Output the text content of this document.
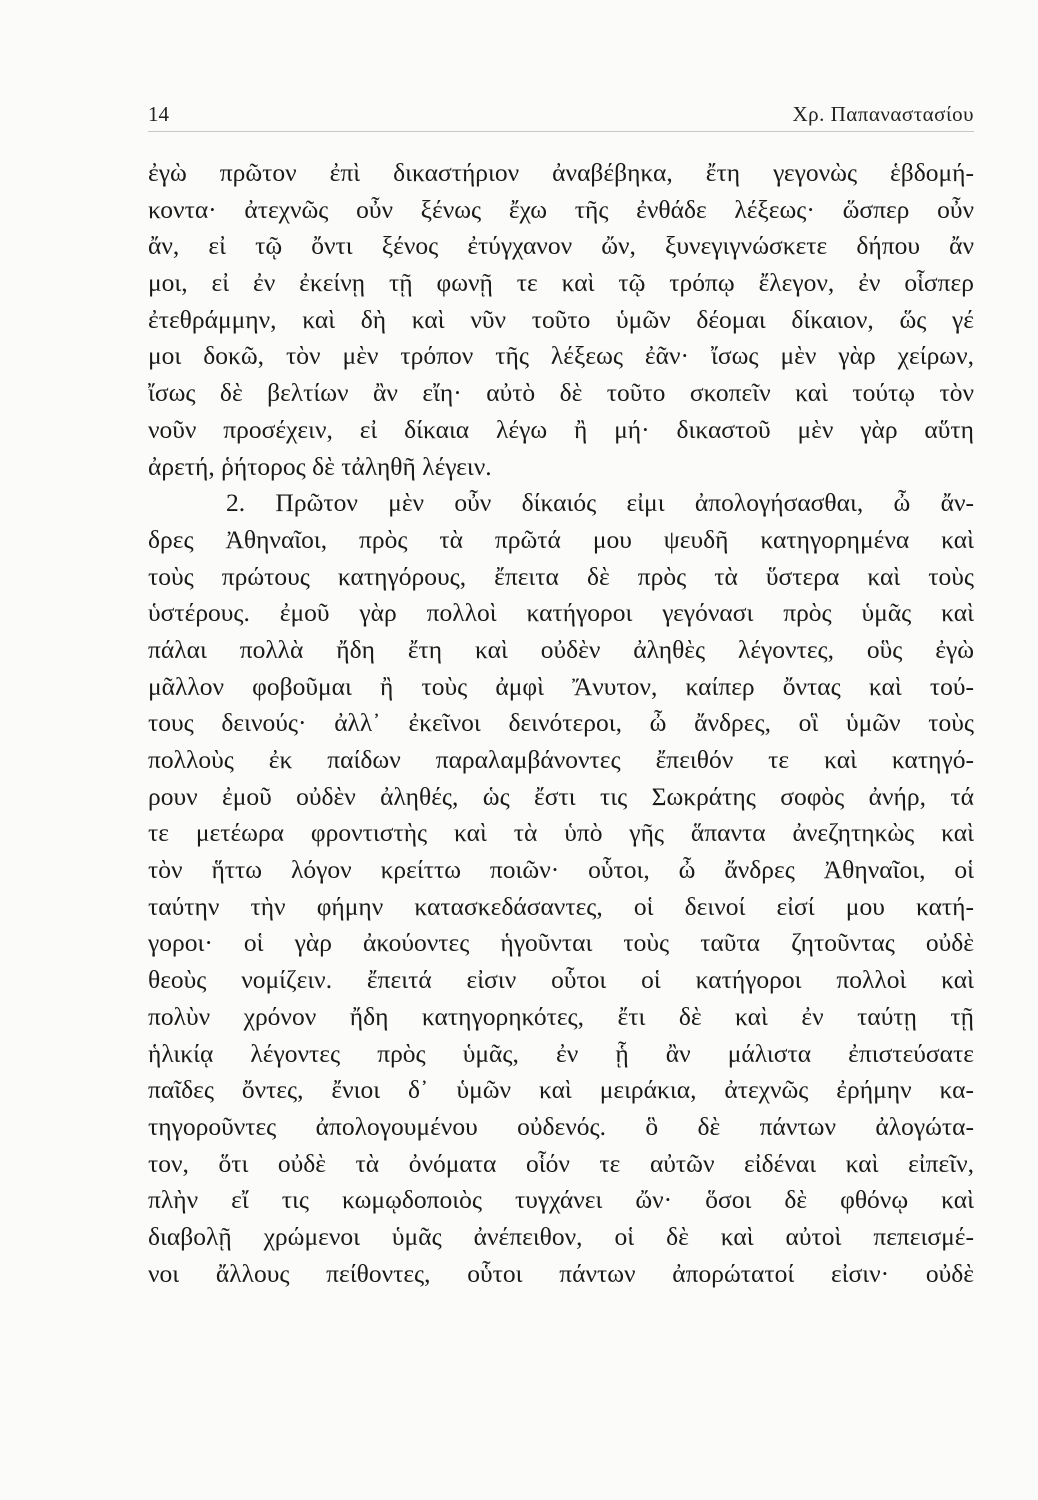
14	Χρ. Παπαναστασίου
ἐγὼ πρῶτον ἐπὶ δικαστήριον ἀναβέβηκα, ἔτη γεγονὼς ἑβδομή-
κοντα· ἀτεχνῶς οὖν ξένως ἔχω τῆς ἐνθάδε λέξεως· ὥσπερ οὖν
ἄν, εἰ τῷ ὄντι ξένος ἐτύγχανον ὤν, ξυνεγιγνώσκετε δήπου ἄν
μοι, εἰ ἐν ἐκείνῃ τῇ φωνῇ τε καὶ τῷ τρόπῳ ἔλεγον, ἐν οἷσπερ
ἐτεθράμμην, καὶ δὴ καὶ νῦν τοῦτο ὑμῶν δέομαι δίκαιον, ὥς γέ
μοι δοκῶ, τὸν μὲν τρόπον τῆς λέξεως ἐᾶν· ἴσως μὲν γὰρ χείρων,
ἴσως δὲ βελτίων ἂν εἴη· αὐτὸ δὲ τοῦτο σκοπεῖν καὶ τούτῳ τὸν
νοῦν προσέχειν, εἰ δίκαια λέγω ἢ μή· δικαστοῦ μὲν γὰρ αὕτη
ἀρετή, ῥήτορος δὲ τἀληθῆ λέγειν.
2. Πρῶτον μὲν οὖν δίκαιός εἰμι ἀπολογήσασθαι, ὦ ἄν-
δρες Ἀθηναῖοι, πρὸς τὰ πρῶτά μου ψευδῆ κατηγορημένα καὶ
τοὺς πρώτους κατηγόρους, ἔπειτα δὲ πρὸς τὰ ὕστερα καὶ τοὺς
ὑστέρους. ἐμοῦ γὰρ πολλοὶ κατήγοροι γεγόνασι πρὸς ὑμᾶς καὶ
πάλαι πολλὰ ἤδη ἔτη καὶ οὐδὲν ἀληθὲς λέγοντες, οὓς ἐγὼ
μᾶλλον φοβοῦμαι ἢ τοὺς ἀμφὶ Ἄνυτον, καίπερ ὄντας καὶ τού-
τους δεινούς· ἀλλ᾽ ἐκεῖνοι δεινότεροι, ὦ ἄνδρες, οἳ ὑμῶν τοὺς
πολλοὺς ἐκ παίδων παραλαμβάνοντες ἔπειθόν τε καὶ κατηγό-
ρουν ἐμοῦ οὐδὲν ἀληθές, ὡς ἔστι τις Σωκράτης σοφὸς ἀνήρ, τά
τε μετέωρα φροντιστὴς καὶ τὰ ὑπὸ γῆς ἅπαντα ἀνεζητηκὼς καὶ
τὸν ἥττω λόγον κρείττω ποιῶν· οὗτοι, ὦ ἄνδρες Ἀθηναῖοι, οἱ
ταύτην τὴν φήμην κατασκεδάσαντες, οἱ δεινοί εἰσί μου κατή-
γοροι· οἱ γὰρ ἀκούοντες ἡγοῦνται τοὺς ταῦτα ζητοῦντας οὐδὲ
θεοὺς νομίζειν. ἔπειτά εἰσιν οὗτοι οἱ κατήγοροι πολλοὶ καὶ
πολὺν χρόνον ἤδη κατηγορηκότες, ἔτι δὲ καὶ ἐν ταύτῃ τῇ
ἡλικίᾳ λέγοντες πρὸς ὑμᾶς, ἐν ᾗ ἂν μάλιστα ἐπιστεύσατε
παῖδες ὄντες, ἔνιοι δ᾽ ὑμῶν καὶ μειράκια, ἀτεχνῶς ἐρήμην κα-
τηγοροῦντες ἀπολογουμένου οὐδενός. ὃ δὲ πάντων ἀλογώτα-
τον, ὅτι οὐδὲ τὰ ὀνόματα οἷόν τε αὐτῶν εἰδέναι καὶ εἰπεῖν,
πλὴν εἴ τις κωμῳδοποιὸς τυγχάνει ὤν· ὅσοι δὲ φθόνῳ καὶ
διαβολῇ χρώμενοι ὑμᾶς ἀνέπειθον, οἱ δὲ καὶ αὐτοὶ πεπεισμέ-
νοι ἄλλους πείθοντες, οὗτοι πάντων ἀπορώτατοί εἰσιν· οὐδὲ
